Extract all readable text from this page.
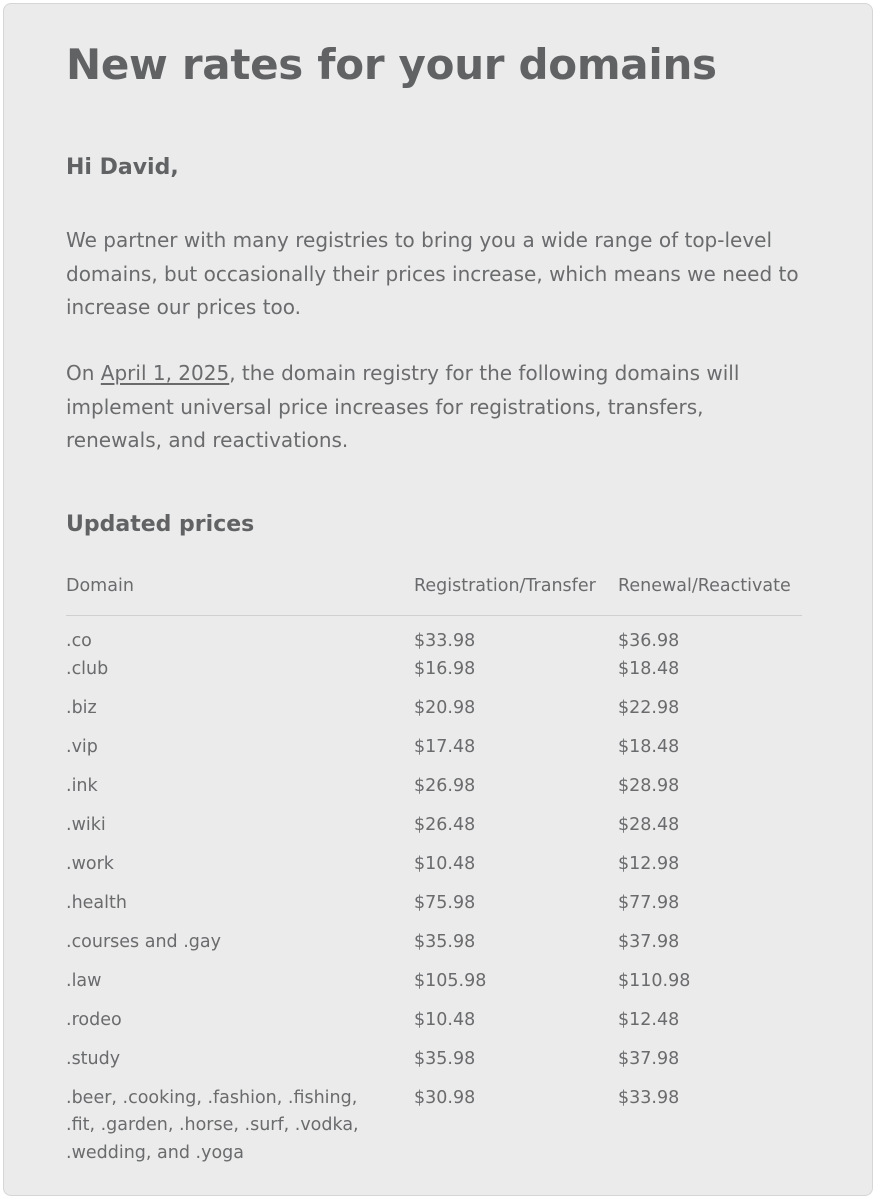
New rates for your domains

Hi David,

We partner with many registries to bring you a wide range of top-level domains, but occasionally their prices increase, which means we need to increase our prices too.

On April 1, 2025, the domain registry for the following domains will implement universal price increases for registrations, transfers, renewals, and reactivations.

Updated prices
Domain	Registration/Transfer	Renewal/Reactivate
.co	$33.98	$36.98
.club	$16.98	$18.48
.biz	$20.98	$22.98
.vip	$17.48	$18.48
.ink	$26.98	$28.98
.wiki	$26.48	$28.48
.work	$10.48	$12.98
.health	$75.98	$77.98
.courses and .gay	$35.98	$37.98
.law	$105.98	$110.98
.rodeo	$10.48	$12.48
.study	$35.98	$37.98
.beer, .cooking, .fashion, .fishing, .fit, .garden, .horse, .surf, .vodka, .wedding, and .yoga	$30.98	$33.98
